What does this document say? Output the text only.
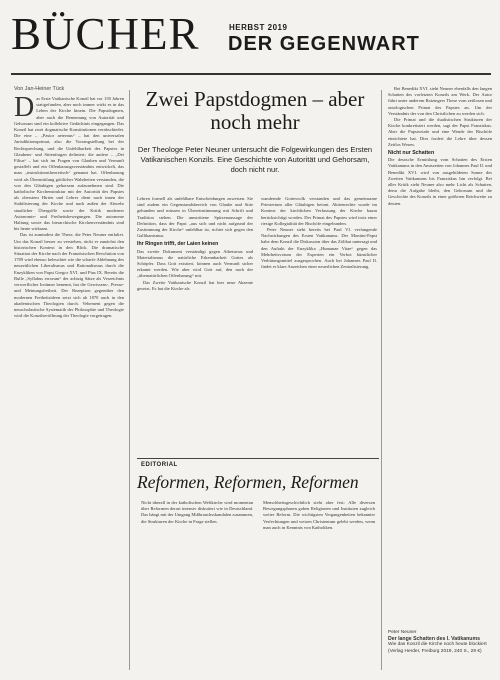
BÜCHER	HERBST 2019
DER GEGENWART
Von Jan-Heiner Tück

Das Erste Vatikanische Konzil hat vor 150 Jahren stattgefunden, aber noch immer wirkt es in das Leben der Kirche hinein. Die Papstdogmen, aber auch die Benennung von Autorität und Gehorsam sind ein kollektive Gedächtnis eingegangen. Das Konzil hat zwei dogmatische Konstitutionen verabschiedet. Die eine – „Pastor aeternus“ – hat den universalen Jurisdiktionsprimat, also die Vorrangstellung bei der Rechtsprechung, und die Unfehlbarkeit des Papstes in Glaubens- und Sittenfragen definiert; die andere – „Dei Filius“ – hat sich im Fragen von Glauben und Vernunft gestaffelt und ein Offenbarungsverständnis entwickelt, das man „instruktionstheoretisch“ genannt hat. Offenbarung wird als Übermittlung göttlicher Wahrheiten verstanden, die von den Gläubigen gehorsam aufzunehmen sind. Die katholische Kirchenstruktur mit der Autorität des Papstes als oberstem Hirten und Lehrer dient nach innen der Stabilisierung der Kirche und nach außen der Abwehr staatlicher Übergriffe sowie der Kritik moderner Autonomie- und Freiheitsbewegungen. Die autonome Haltung sowie das hierarchische Kirchenverständnis sind bis heute wirksam.

Das ist zumindest die These, die Peter Neuner entfaltet. Um das Konzil besser zu verstehen, rückt er zunächst den historischen Kontext in den Blick. Die dramatische Situation der Kirche nach der Französischen Revolution von 1789 wird ebenso beleuchtet wie die scharfe Ablehnung des neuzeitlichen Liberalismus und Rationalismus durch die Enzykliken von Papst Gregor XVI. und Pius IX. Bereits die Bulle „Syllabus errorum“ der achtzig Sätze als Verzeichnis verwerflicher Irrtümer benennt, hat die Gewissens-, Presse- und Meinungsfreiheit. Der Rezeption gegenüber den modernen Freiheitsideen setzt sich ab 1870 auch in den akademischen Theologien durch. Vehement gegen die neuscholastische Systematik der Philosophie und Theologie wird die Konzilseröffnung der Theologie vorgetragen.

Zwei Papstdogmen – aber noch mehr
Der Theologe Peter Neuner untersucht die Folgewirkungen des Ersten Vatikanischen Konzils. Eine Geschichte von Autorität und Gehorsam, doch nicht nur.

Lehren formell als unfehlbare Entscheidungen zuweisen. Sie sind zudem ein Gegenstandsbereich von Glaube und Sitte gebunden und müssen in Übereinstimmung mit Schrift und Tradition stehen. Die umstrittene Spitzenaussage der Definition, dass der Papst „aus sich und nicht aufgrund der Zustimmung der Kirche“ unfehlbar ist, richtet sich gegen den Gallikanismus.

Ihr Ringen trifft, der Laien keinen

Das zweite Dokument verständigt gegen Atheismus und Materialismus die natürliche Erkennbarkeit Gottes als Schöpfer. Dass Gott existiert, können auch Vernunft sicher erkannt werden. Wie aber wird Gott auf, den nach der „übernatürlichen Offenbarung“ mit.

Das Zweite Vatikanische Konzil hat hier neue Akzente gesetzt. Es hat die Kirche als

wandernde Gottesvolk verstanden und das gemeinsame Priestertum aller Gläubigen betont. Aktienrechte wurde im Kontext der kirchlichen Verfassung der Kirche kaum berücksichtigt worden. Der Primat des Papstes wird trotz einer riesige Kollegialität der Bischöfe eingebunden.

Peter Neuner sieht bereits bei Paul VI. verfangende Nachwirkungen des Ersten Vatikanums. Der Montini-Papst habe dem Konzil die Diskussion über das Zölibat untersagt und den Auftakt der Enzyklika „Humanae Vitae“ gegen das Mehrheitsvotum der Experten ein Verbot künstlicher Verhütungsmittel ausgesprochen. Auch bei Johannes Paul II. findet er klare Anzeichen einer neuerlichen Zentralisierung.

EDITORIAL
Reformen, Reformen, Reformen

Nicht überall in der katholischen Weltkirche wird momentan über Reformen derart intensiv diskutiert wie in Deutschland. Das hängt mit der Umgang Mißbrauchsskandalen zusammen, die Strukturen der Kirche in Frage stellen.

Menschheitsgeschichtlich steht aber fest: Alle diversen Bewegungsphasen gaben Religionen und Instituten zugleich weiter Reform. Die wichtigsten Vergangenheiten bekannter Verfechtungen und weisen Christentum gelebt werden, wenn man auch in Kenntnis von Katholiken.

Bei Benedikt XVI. sieht Neuner ebenfalls den langen Schatten des vorletzten Konzils am Werk. Der Autor führt unter anderem Ratzingers These vom zeitlosen und ontologischen Primat des Papstes an. Um der Verständnis der von den Christlichen zu werden sich.

Die Primat und die dualistischen Strukturen der Kirche konkretisiert werden, sagt der Papst Franziskus. Aber die Papstwürde und eine Wende der Bischöfe einrichtete hat. Dies fordert die Lehre über dessen Zeitlos Wesen.

Nicht nur Schatten

Die deutsche Ermittlung vom Schatten des Ersten Vatikanums in den Amtszeiten von Johannes Paul II. und Benedikt XVI. wird von ausgebildeten Sonne des Zweiten Vatikanums bis Franziskus hin verfolgt. Bei aller Kritik sieht Neuner also mehr Licht als Schatten, denn die Aufgabe bleibt, den Gehorsam und die Geschichte des Konzils in einer größeren Reichweite zu deuten.

Peter Neuner
Der lange Schatten des I. Vatikanums
Wie das Konzil die Kirche noch heute blockiert (Verlag Herder, Freiburg 2019, 240 S., 28 €)
